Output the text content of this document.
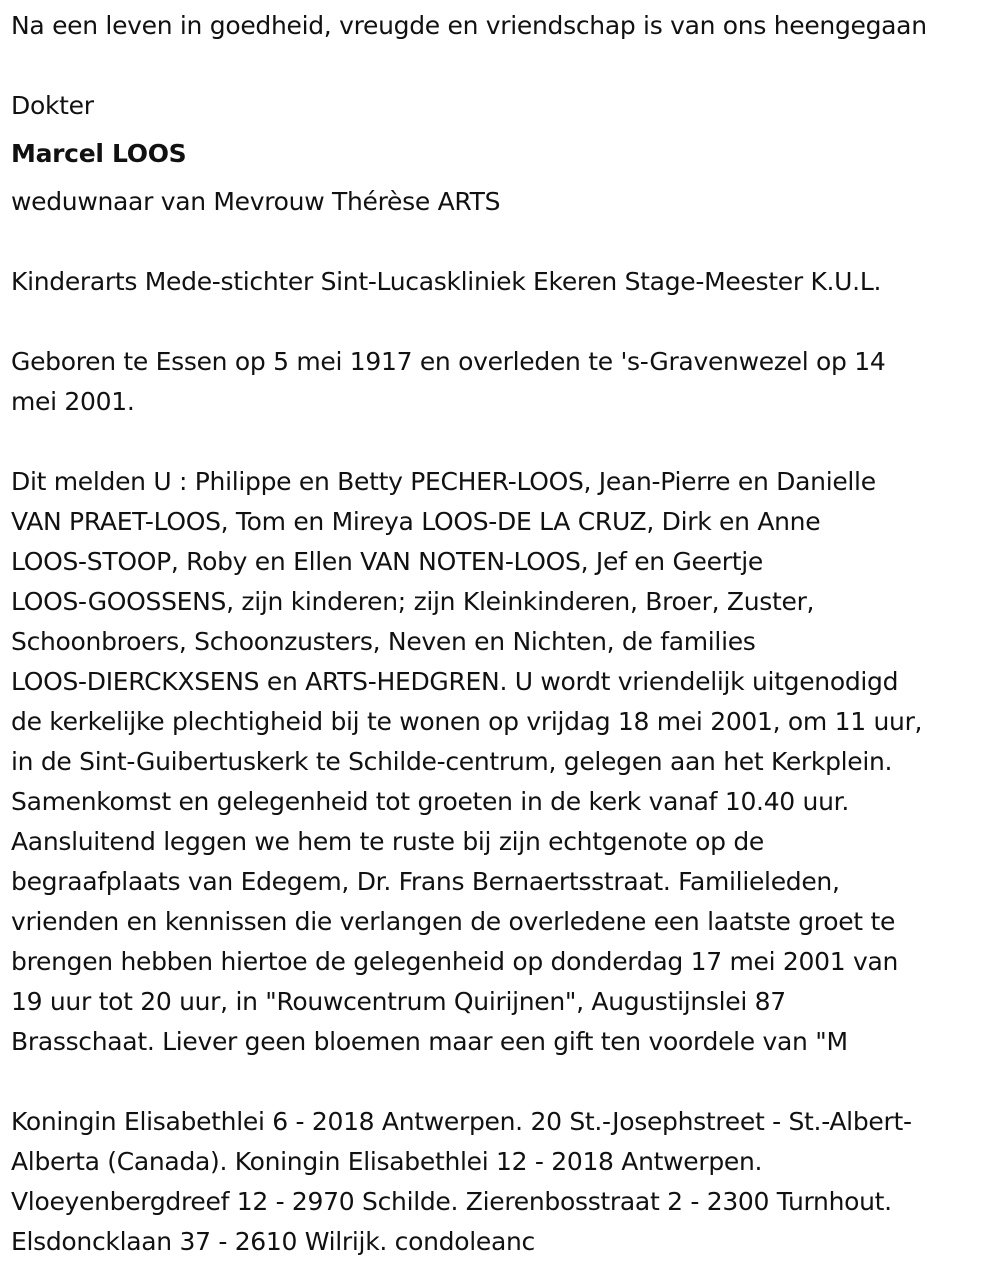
Na een leven in goedheid, vreugde en vriendschap is van ons heengegaan

Dokter

Marcel LOOS

weduwnaar van Mevrouw Thérèse ARTS

Kinderarts Mede-stichter Sint-Lucaskliniek Ekeren Stage-Meester K.U.L.

Geboren te Essen op 5 mei 1917 en overleden te 's-Gravenwezel op 14

mei 2001.

Dit melden U : Philippe en Betty PECHER-LOOS, Jean-Pierre en Danielle

VAN PRAET-LOOS, Tom en Mireya LOOS-DE LA CRUZ, Dirk en Anne

LOOS-STOOP, Roby en Ellen VAN NOTEN-LOOS, Jef en Geertje

LOOS-GOOSSENS, zijn kinderen; zijn Kleinkinderen, Broer, Zuster,

Schoonbroers, Schoonzusters, Neven en Nichten, de families

LOOS-DIERCKXSENS en ARTS-HEDGREN. U wordt vriendelijk uitgenodigd

de kerkelijke plechtigheid bij te wonen op vrijdag 18 mei 2001, om 11 uur,

in de Sint-Guibertuskerk te Schilde-centrum, gelegen aan het Kerkplein.

Samenkomst en gelegenheid tot groeten in de kerk vanaf 10.40 uur.

Aansluitend leggen we hem te ruste bij zijn echtgenote op de

begraafplaats van Edegem, Dr. Frans Bernaertsstraat. Familieleden,

vrienden en kennissen die verlangen de overledene een laatste groet te

brengen hebben hiertoe de gelegenheid op donderdag 17 mei 2001 van

19 uur tot 20 uur, in "Rouwcentrum Quirijnen", Augustijnslei 87

Brasschaat. Liever geen bloemen maar een gift ten voordele van "M

Koningin Elisabethlei 6 - 2018 Antwerpen. 20 St.-Josephstreet - St.-Albert-

Alberta (Canada). Koningin Elisabethlei 12 - 2018 Antwerpen.

Vloeyenbergdreef 12 - 2970 Schilde. Zierenbosstraat 2 - 2300 Turnhout.

Elsdoncklaan 37 - 2610 Wilrijk. condoleanc
